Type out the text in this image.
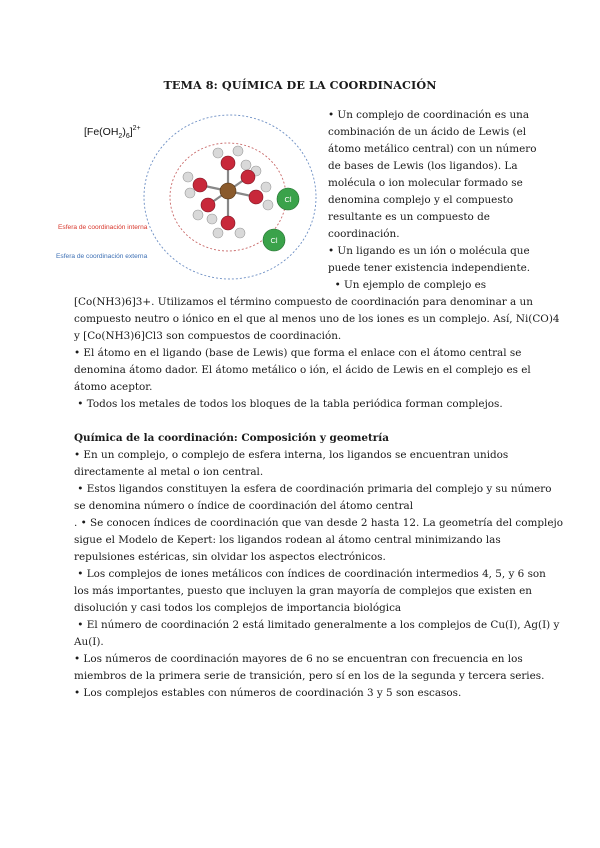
TEMA 8: QUÍMICA DE LA COORDINACIÓN
$[Fe(OH_2)_6]^{2+}$
Cl
Cl
Esfera de coordinación interna
Esfera de coordinación externa
• Un complejo de coordinación es una
combinación de un ácido de Lewis (el
átomo metálico central) con un número
de bases de Lewis (los ligandos). La
molécula o ion molecular formado se
denomina complejo y el compuesto
resultante es un compuesto de
coordinación.
• Un ligando es un ión o molécula que
puede tener existencia independiente.
• Un ejemplo de complejo es
[Co(NH3)6]3+. Utilizamos el término compuesto de coordinación para denominar a un
compuesto neutro o iónico en el que al menos uno de los iones es un complejo. Así, Ni(CO)4
y [Co(NH3)6]Cl3 son compuestos de coordinación.
• El átomo en el ligando (base de Lewis) que forma el enlace con el átomo central se
denomina átomo dador. El átomo metálico o ión, el ácido de Lewis en el complejo es el
átomo aceptor.
• Todos los metales de todos los bloques de la tabla periódica forman complejos.
Química de la coordinación: Composición y geometría
• En un complejo, o complejo de esfera interna, los ligandos se encuentran unidos
directamente al metal o ion central.
• Estos ligandos constituyen la esfera de coordinación primaria del complejo y su número
se denomina número o índice de coordinación del átomo central
. • Se conocen índices de coordinación que van desde 2 hasta 12. La geometría del complejo
sigue el Modelo de Kepert: los ligandos rodean al átomo central minimizando las
repulsiones estéricas, sin olvidar los aspectos electrónicos.
• Los complejos de iones metálicos con índices de coordinación intermedios 4, 5, y 6 son
los más importantes, puesto que incluyen la gran mayoría de complejos que existen en
disolución y casi todos los complejos de importancia biológica
• El número de coordinación 2 está limitado generalmente a los complejos de Cu(I), Ag(I) y
Au(I).
• Los números de coordinación mayores de 6 no se encuentran con frecuencia en los
miembros de la primera serie de transición, pero sí en los de la segunda y tercera series.
• Los complejos estables con números de coordinación 3 y 5 son escasos.
